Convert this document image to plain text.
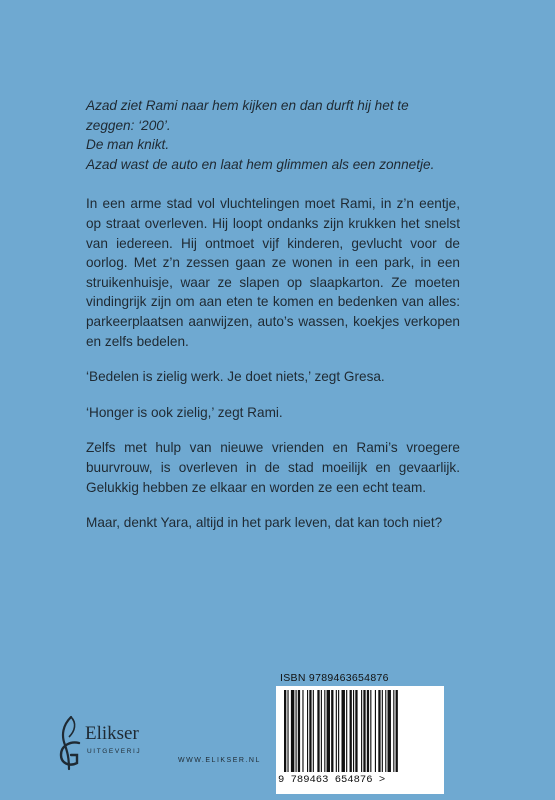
Azad ziet Rami naar hem kijken en dan durft hij het te zeggen: ‘200’.

De man knikt.

Azad wast de auto en laat hem glimmen als een zonnetje.

In een arme stad vol vluchtelingen moet Rami, in z’n eentje, op straat overleven. Hij loopt ondanks zijn krukken het snelst van iedereen. Hij ontmoet vijf kinderen, gevlucht voor de oorlog. Met z’n zessen gaan ze wonen in een park, in een struikenhuisje, waar ze slapen op slaapkarton. Ze moeten vindingrijk zijn om aan eten te komen en bedenken van alles: parkeerplaatsen aanwijzen, auto’s wassen, koekjes verkopen en zelfs bedelen.

‘Bedelen is zielig werk. Je doet niets,’ zegt Gresa.

‘Honger is ook zielig,’ zegt Rami.

Zelfs met hulp van nieuwe vrienden en Rami’s vroegere buurvrouw, is overleven in de stad moeilijk en gevaarlijk. Gelukkig hebben ze elkaar en worden ze een echt team.

Maar, denkt Yara, altijd in het park leven, dat kan toch niet?

Elikser
UITGEVERIJ
WWW.ELIKSER.NL
ISBN 9789463654876
9 789463 654876 >
